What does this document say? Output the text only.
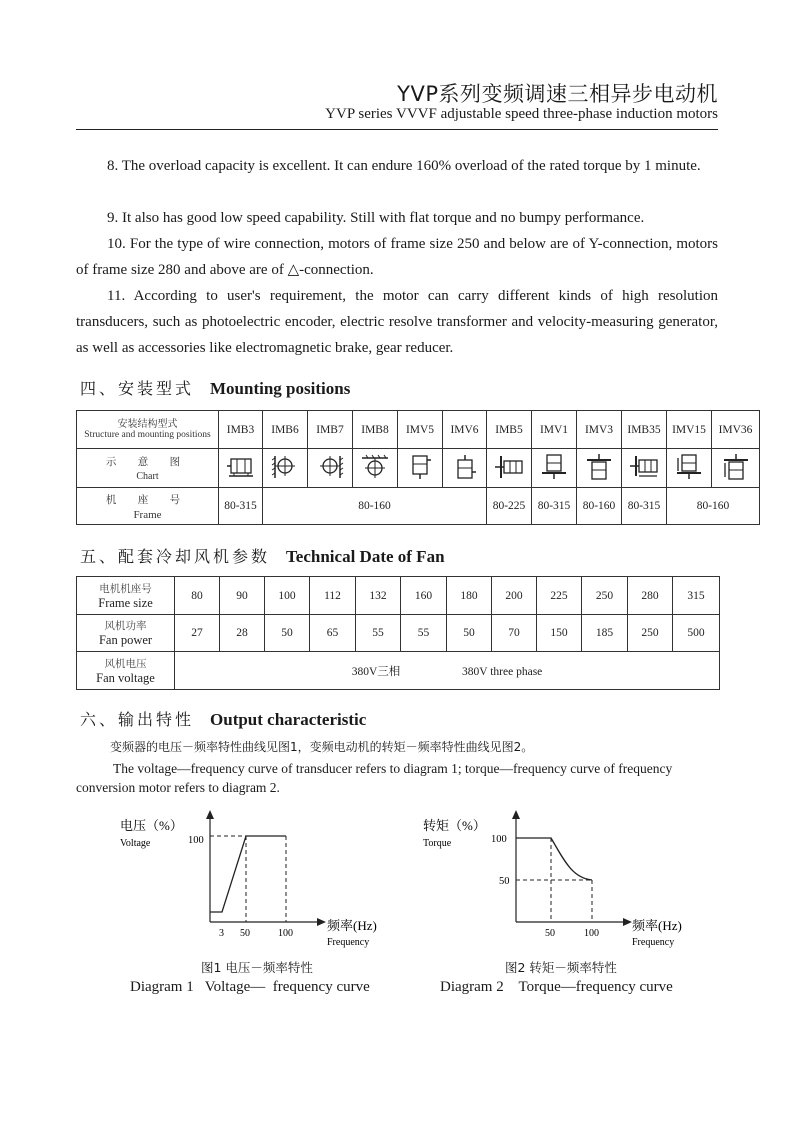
YVP系列变频调速三相异步电动机
YVP series VVVF adjustable speed three-phase induction motors

8. The overload capacity is excellent. It can endure 160% overload of the rated torque by 1 minute.

9. It also has good low speed capability. Still with flat torque and no bumpy performance.

10. For the type of wire connection, motors of frame size 250 and below are of Y-connection, motors of frame size 280 and above are of △-connection.

11. According to user's requirement, the motor can carry different kinds of high resolution transducers, such as photoelectric encoder, electric resolve transformer and velocity-measuring generator, as well as accessories like electromagnetic brake, gear reducer.

四、安装型式 Mounting positions
安装结构型式
Structure and mounting positions	IMB3	IMB6	IMB7	IMB8	IMV5	IMV6	IMB5	IMV1	IMV3	IMB35	IMV15	IMV36

示 意 图
Chart

机 座 号
Frame	80-315	80-160					80-225	80-315	80-160	80-315	80-160	
五、配套冷却风机参数 Technical Date of Fan
电机机座号
Frame size	80	90	100	112	132	160	180	200	225	250	280	315

风机功率
Fan power	27	28	50	65	55	55	50	70	150	185	250	500

风机电压
Fan voltage	380V三相 380V three phase											
六、输出特性 Output characteristic
变频器的电压－频率特性曲线见图1，变频电动机的转矩－频率特性曲线见图2。

The voltage—frequency curve of transducer refers to diagram 1; torque—frequency curve of frequency conversion motor refers to diagram 2.

电压（%）
Voltage	100
3 50	100
频率(Hz)
Frequency
图1 电压－频率特性
Diagram 1   Voltage—  frequency curve
转矩（%）
Torque	100
50
50	100
频率(Hz)
Frequency
图2 转矩－频率特性
Diagram 2    Torque—frequency curve
